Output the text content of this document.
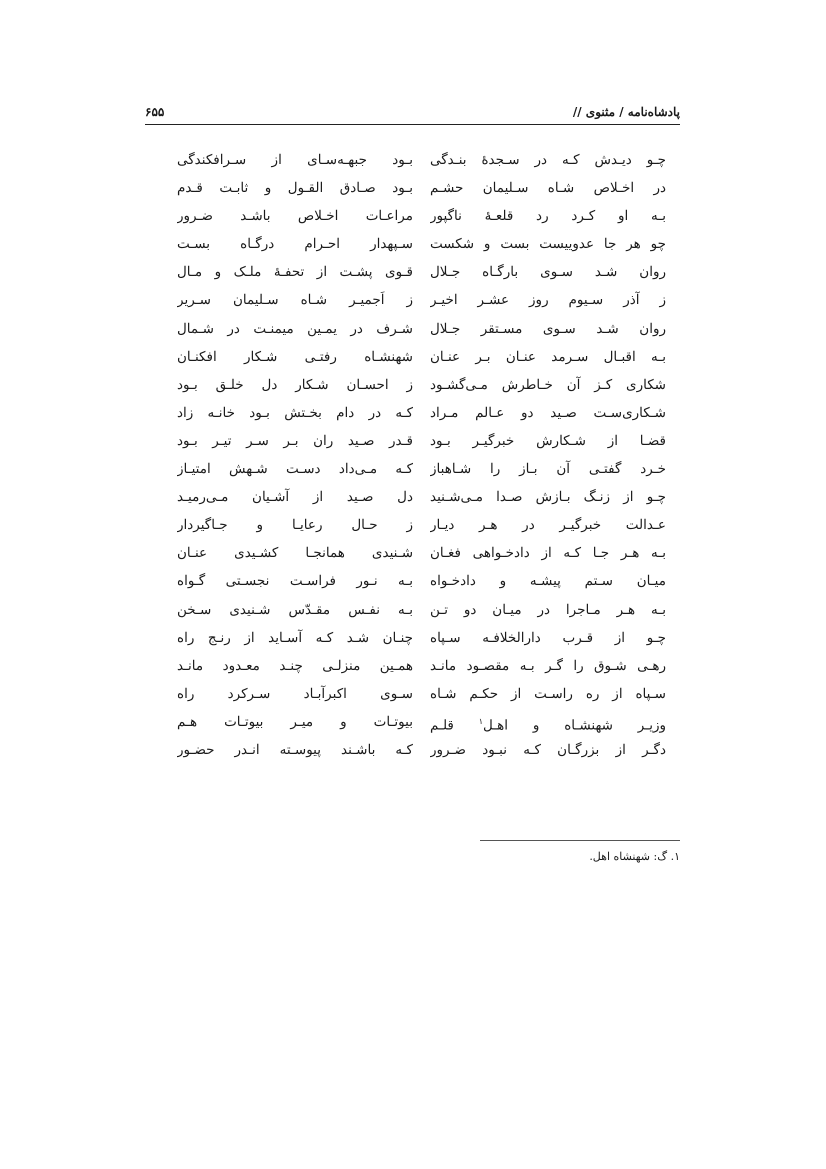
پادشاه‌نامه / مثنوی //
۶۵۵
چـو دیـدش کـه در سـجدهٔ بنـدگی
در اخـلاص شـاه سـلیمان حشـم
بـه او کـرد رد قلعـهٔ ناگپور
چو هر جا عدوییست بست و شکست
روان شـد سـوی بارگـاه جـلال
ز آذر سـیوم روز عشـر اخیـر
روان شـد سـوی مسـتقر جـلال
بـه اقبـال سـرمد عنـان بـر عنـان
شکاری کـز آن خـاطرش مـی‌گشـود
شـکاری‌سـت صـید دو عـالم مـراد
قضـا از شـکارش خبرگیـر بـود
خـرد گفتـی آن بـاز را شـاهباز
چـو از زنـگ بـازش صـدا مـی‌شـنید
عـدالت خبرگیـر در هـر دیـار
بـه هـر جـا کـه از دادخـواهی فغـان
میـان سـتم پیشـه و دادخـواه
بـه هـر مـاجرا در میـان دو تـن
چـو از قـرب دارالخلافـه سـپاه
رهـی شـوق را گـر بـه مقصـود مانـد
سـپاه از ره راسـت از حکـم شـاه
وزیـر شهنشـاه و اهـل$^۱$ قلـم
دگـر از بزرگـان کـه نبـود ضـرور
بـود جبهـه‌سـای از سـرافکندگی
بـود صـادق القـول و ثابـت قـدم
مراعـات اخـلاص باشـد ضـرور
سـپهدار احـرام درگـاه بسـت
قـوی پشـت از تحفـهٔ ملـک و مـال
ز اَجمیـر شـاه سـلیمان سـریر
شـرف در یمـین میمنـت در شـمال
شهنشـاه رفتـی شـکار افکنـان
ز احسـان شـکار دل خلـق بـود
کـه در دام بخـتش بـود خانـه زاد
قـدر صـید ران بـر سـر تیـر بـود
کـه مـی‌داد دسـت شـهش امتیـاز
دل صـید از آشـیان مـی‌رمیـد
ز حـال رعایـا و جـاگیردار
شـنیدی همانجـا کشـیدی عنـان
بـه نـور فراسـت نجسـتی گـواه
بـه نفـس مقـدّس شـنیدی سـخن
چنـان شـد کـه آسـاید از رنـج راه
همـین منزلـی چنـد معـدود مانـد
سـوی اکبرآبـاد سـرکرد راه
بیوتـات و میـر بیوتـات هـم
کـه باشـند پیوسـته انـدر حضـور
۱. گ: شهنشاه اهل.
